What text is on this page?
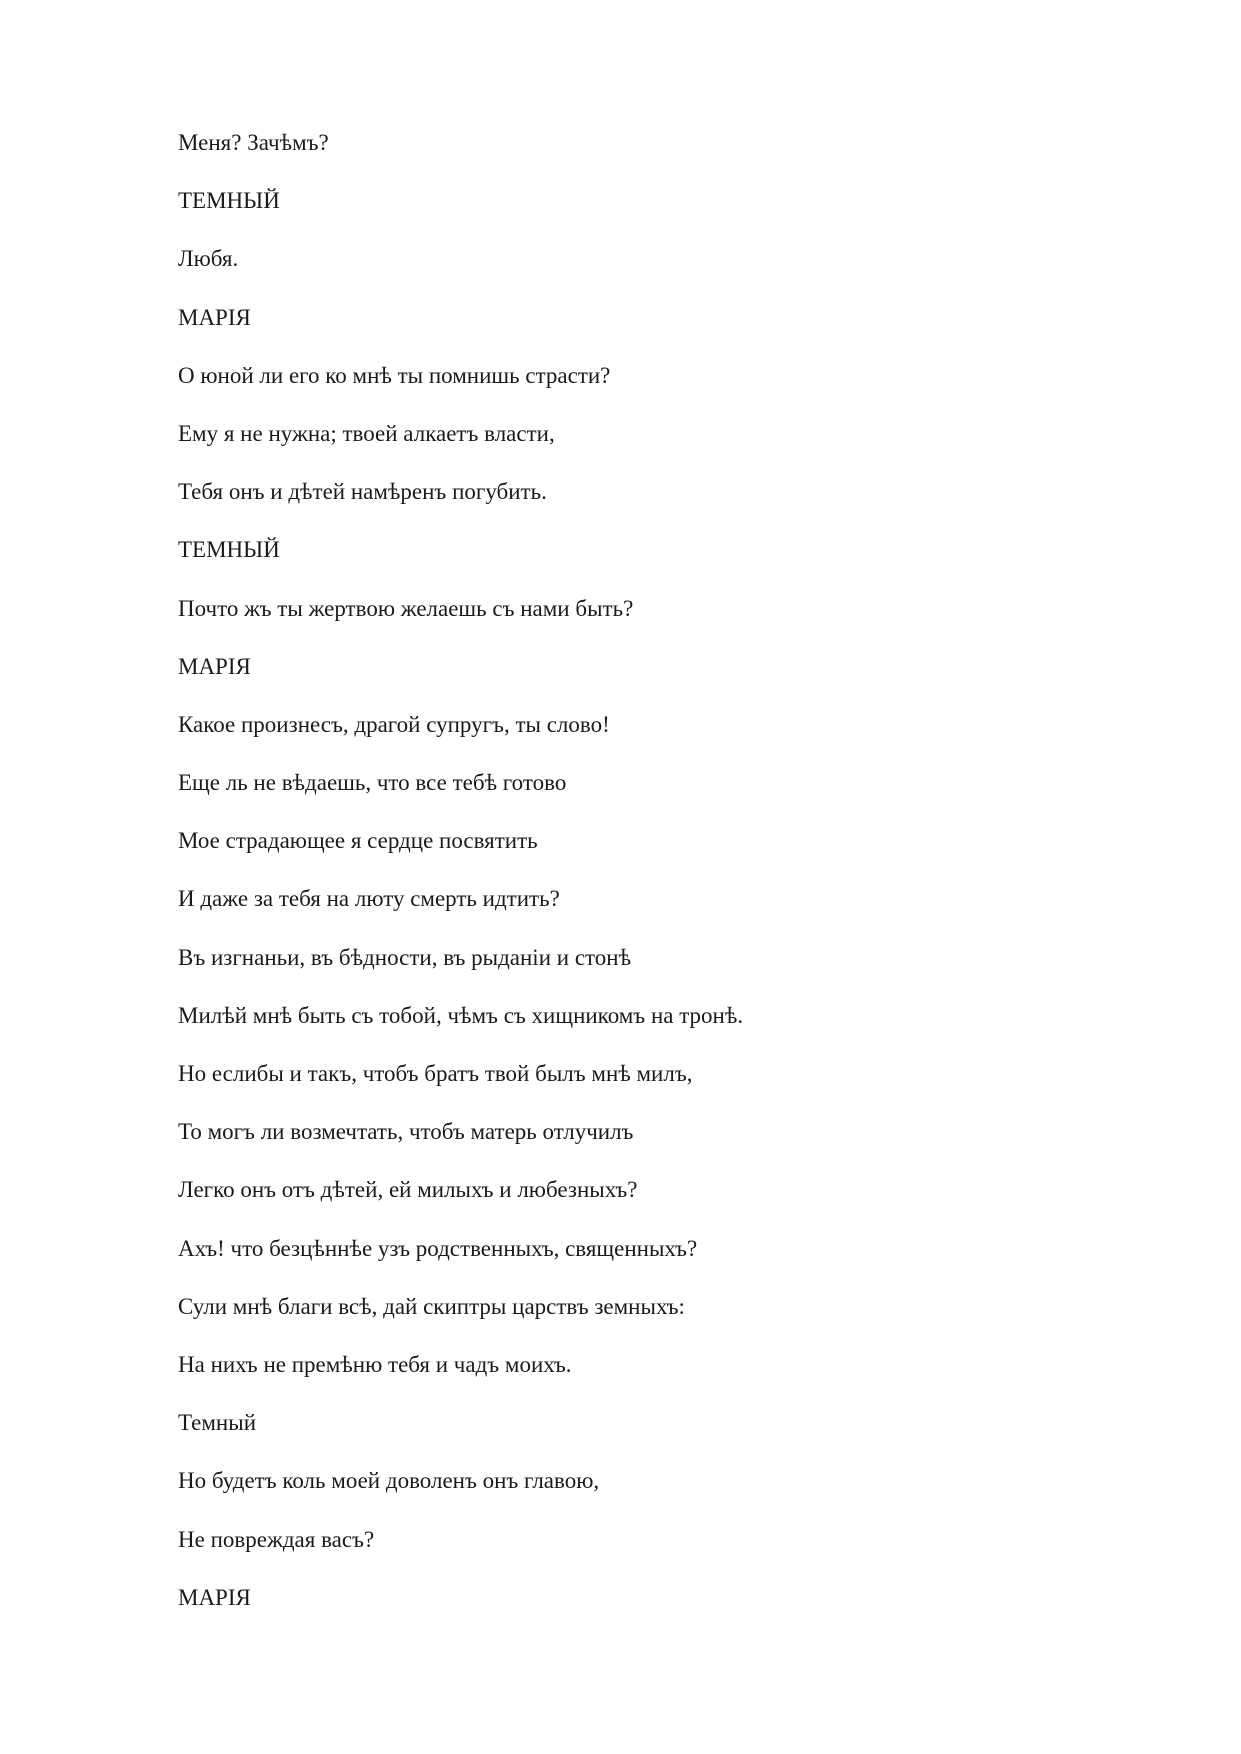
Меня? Зачѣмъ?

ТЕМНЫЙ

Любя.

МАРІЯ

О юной ли его ко мнѣ ты помнишь страсти?

Ему я не нужна; твоей алкаетъ власти,

Тебя онъ и дѣтей намѣренъ погубить.

ТЕМНЫЙ

Почто жъ ты жертвою желаешь съ нами быть?

МАРІЯ

Какое произнесъ, драгой супругъ, ты слово!

Еще ль не вѣдаешь, что все тебѣ готово

Мое страдающее я сердце посвятить

И даже за тебя на люту смерть идтить?

Въ изгнаньи, въ бѣдности, въ рыданіи и стонѣ

Милѣй мнѣ быть съ тобой, чѣмъ съ хищникомъ на тронѣ.

Но еслибы и такъ, чтобъ братъ твой былъ мнѣ милъ,

То могъ ли возмечтать, чтобъ матерь отлучилъ

Легко онъ отъ дѣтей, ей милыхъ и любезныхъ?

Ахъ! что безцѣннѣе узъ родственныхъ, священныхъ?

Сули мнѣ благи всѣ, дай скиптры царствъ земныхъ:

На нихъ не премѣню тебя и чадъ моихъ.

Темный

Но будетъ коль моей доволенъ онъ главою,

Не повреждая васъ?

МАРІЯ
